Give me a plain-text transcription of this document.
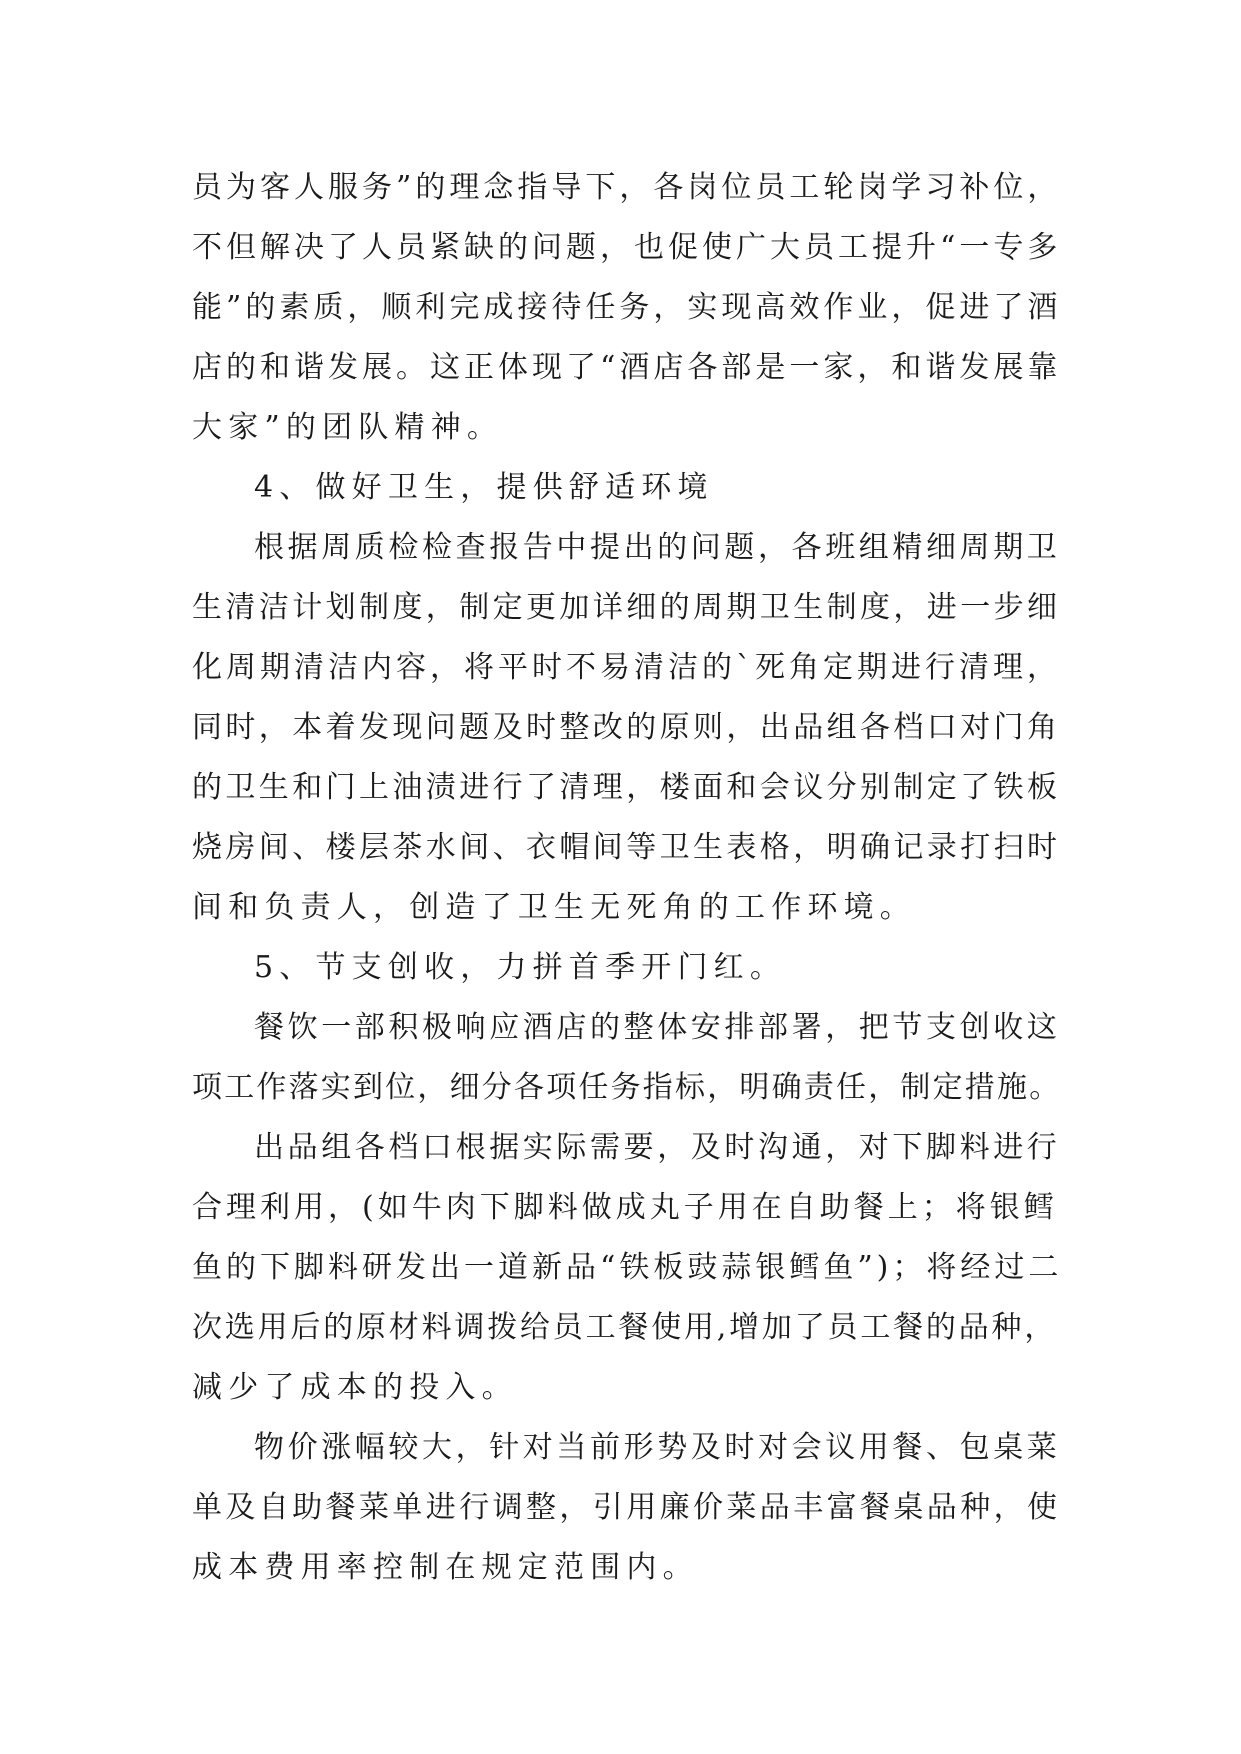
员为客人服务”的理念指导下，各岗位员工轮岗学习补位，
不但解决了人员紧缺的问题，也促使广大员工提升“一专多
能”的素质，顺利完成接待任务，实现高效作业，促进了酒
店的和谐发展。这正体现了“酒店各部是一家，和谐发展靠
大家”的团队精神。
4、做好卫生，提供舒适环境
根据周质检检查报告中提出的问题，各班组精细周期卫
生清洁计划制度，制定更加详细的周期卫生制度，进一步细
化周期清洁内容，将平时不易清洁的`死角定期进行清理，
同时，本着发现问题及时整改的原则，出品组各档口对门角
的卫生和门上油渍进行了清理，楼面和会议分别制定了铁板
烧房间、楼层茶水间、衣帽间等卫生表格，明确记录打扫时
间和负责人，创造了卫生无死角的工作环境。
5、节支创收，力拼首季开门红。
餐饮一部积极响应酒店的整体安排部署，把节支创收这
项工作落实到位，细分各项任务指标，明确责任，制定措施。
出品组各档口根据实际需要，及时沟通，对下脚料进行
合理利用，(如牛肉下脚料做成丸子用在自助餐上；将银鳕
鱼的下脚料研发出一道新品“铁板豉蒜银鳕鱼”)；将经过二
次选用后的原材料调拨给员工餐使用,增加了员工餐的品种，
减少了成本的投入。
物价涨幅较大，针对当前形势及时对会议用餐、包桌菜
单及自助餐菜单进行调整，引用廉价菜品丰富餐桌品种，使
成本费用率控制在规定范围内。
